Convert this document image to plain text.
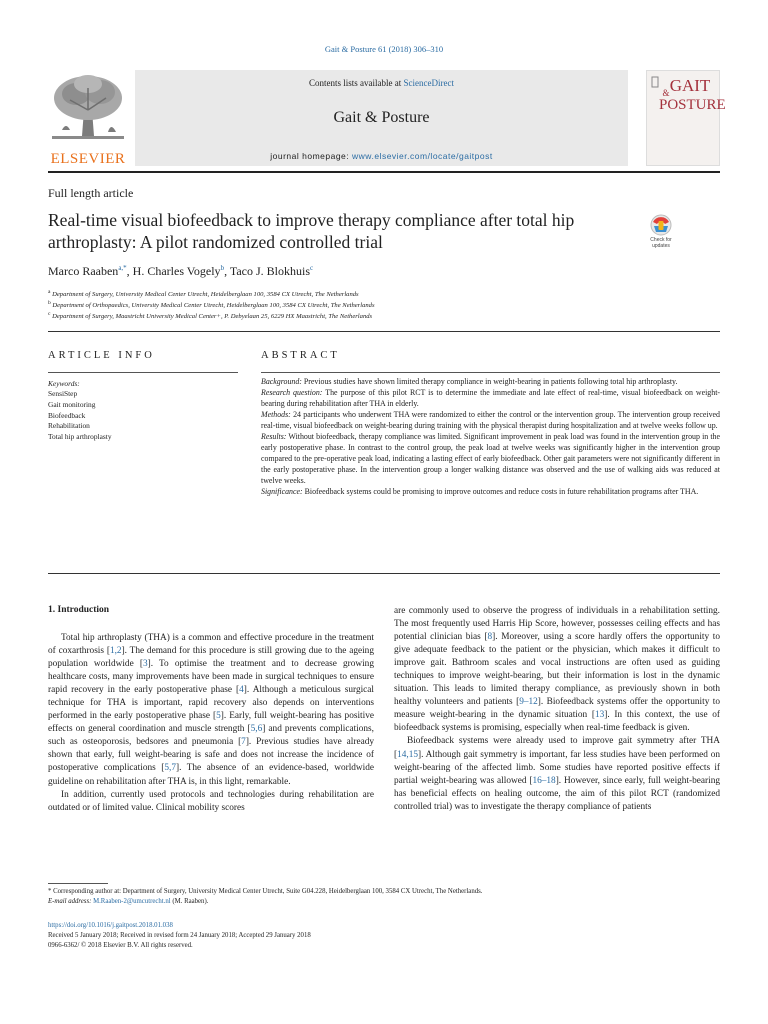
Gait & Posture 61 (2018) 306–310
ELSEVIER
Contents lists available at ScienceDirect
Gait & Posture
journal homepage: www.elsevier.com/locate/gaitpost
GAIT
&
POSTURE
Full length article
Real-time visual biofeedback to improve therapy compliance after total hip arthroplasty: A pilot randomized controlled trial	Check for updates
Marco Raaben$^{a,*}$, H. Charles Vogely$^b$, Taco J. Blokhuis$^c$
$^a$ Department of Surgery, University Medical Center Utrecht, Heidelberglaan 100, 3584 CX Utrecht, The Netherlands
$^b$ Department of Orthopaedics, University Medical Center Utrecht, Heidelberglaan 100, 3584 CX Utrecht, The Netherlands
$^c$ Department of Surgery, Maastricht University Medical Center+, P. Debyelaan 25, 6229 HX Maastricht, The Netherlands
ARTICLE INFO	ABSTRACT
Keywords:
SensiStep
Gait monitoring
Biofeedback
Rehabilitation
Total hip arthroplasty
Background: Previous studies have shown limited therapy compliance in weight-bearing in patients following total hip arthroplasty.
Research question: The purpose of this pilot RCT is to determine the immediate and late effect of real-time, visual biofeedback on weight-bearing during rehabilitation after THA in elderly.
Methods: 24 participants who underwent THA were randomized to either the control or the intervention group. The intervention group received real-time, visual biofeedback on weight-bearing during training with the physical therapist during hospitalization and at twelve weeks follow up.
Results: Without biofeedback, therapy compliance was limited. Significant improvement in peak load was found in the intervention group in the early postoperative phase. In contrast to the control group, the peak load at twelve weeks was significantly higher in the intervention group compared to the pre-operative peak load, indicating a lasting effect of early biofeedback. Other gait parameters were not significantly different in the early postoperative phase. In the intervention group a longer walking distance was observed and the use of walking aids was reduced at twelve weeks.
Significance: Biofeedback systems could be promising to improve outcomes and reduce costs in future rehabilitation programs after THA.
1. Introduction

Total hip arthroplasty (THA) is a common and effective procedure in the treatment of coxarthrosis [1,2]. The demand for this procedure is still growing due to the ageing population worldwide [3]. To optimise the treatment and to decrease growing healthcare costs, many improvements have been made in surgical techniques to ensure rapid recovery in the early postoperative phase [4]. Although a meticulous surgical technique for THA is important, rapid recovery also depends on interventions performed in the early postoperative phase [5]. Early, full weight-bearing has positive effects on general coordination and muscle strength [5,6] and prevents complications, such as osteoporosis, bedsores and pneumonia [7]. Previous studies have already shown that early, full weight-bearing is safe and does not increase the incidence of postoperative complications [5,7]. The absence of an evidence-based, worldwide guideline on rehabilitation after THA is, in this light, remarkable.

In addition, currently used protocols and technologies during rehabilitation are outdated or of limited value. Clinical mobility scores

are commonly used to observe the progress of individuals in a rehabilitation setting. The most frequently used Harris Hip Score, however, possesses ceiling effects and has potential clinician bias [8]. Moreover, using a score hardly offers the opportunity to give adequate feedback to the patient or the physician, which makes it difficult to improve gait. Bathroom scales and vocal instructions are often used as guiding techniques to improve weight-bearing, but their information is lost in the dynamic situation. This leads to limited therapy compliance, as previously shown in both healthy volunteers and patients [9–12]. Biofeedback systems offer the opportunity to measure weight-bearing in the dynamic situation [13]. In this context, the use of biofeedback systems is promising, especially when real-time feedback is given.

Biofeedback systems were already used to improve gait symmetry after THA [14,15]. Although gait symmetry is important, far less studies have been performed on weight-bearing of the affected limb. Some studies have reported positive effects if partial weight-bearing was allowed [16–18]. However, since early, full weight-bearing has beneficial effects on healing outcome, the aim of this pilot RCT (randomized controlled trial) was to investigate the therapy compliance of patients

* Corresponding author at: Department of Surgery, University Medical Center Utrecht, Suite G04.228, Heidelberglaan 100, 3584 CX Utrecht, The Netherlands.
E-mail address: M.Raaben-2@umcutrecht.nl (M. Raaben).
https://doi.org/10.1016/j.gaitpost.2018.01.038
Received 5 January 2018; Received in revised form 24 January 2018; Accepted 29 January 2018
0966-6362/ © 2018 Elsevier B.V. All rights reserved.
